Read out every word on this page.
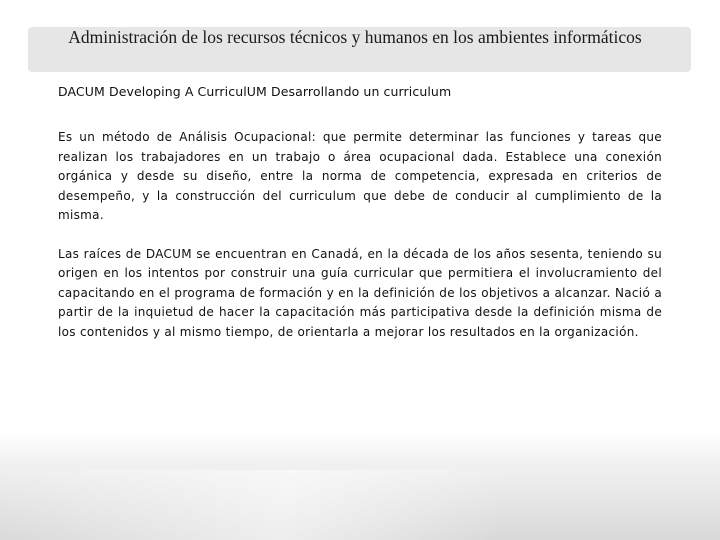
Administración de los recursos técnicos y humanos en los ambientes informáticos

DACUM Developing A CurriculUM Desarrollando un curriculum

Es un método de Análisis Ocupacional: que permite determinar las funciones y tareas que realizan los trabajadores en un trabajo o área ocupacional dada. Establece una conexión orgánica y desde su diseño, entre la norma de competencia, expresada en criterios de desempeño, y la construcción del curriculum que debe de conducir al cumplimiento de la misma.

Las raíces de DACUM se encuentran en Canadá, en la década de los años sesenta, teniendo su origen en los intentos por construir una guía curricular que permitiera el involucramiento del capacitando en el programa de formación y en la definición de los objetivos a alcanzar. Nació a partir de la inquietud de hacer la capacitación más participativa desde la definición misma de los contenidos y al mismo tiempo, de orientarla a mejorar los resultados en la organización.
